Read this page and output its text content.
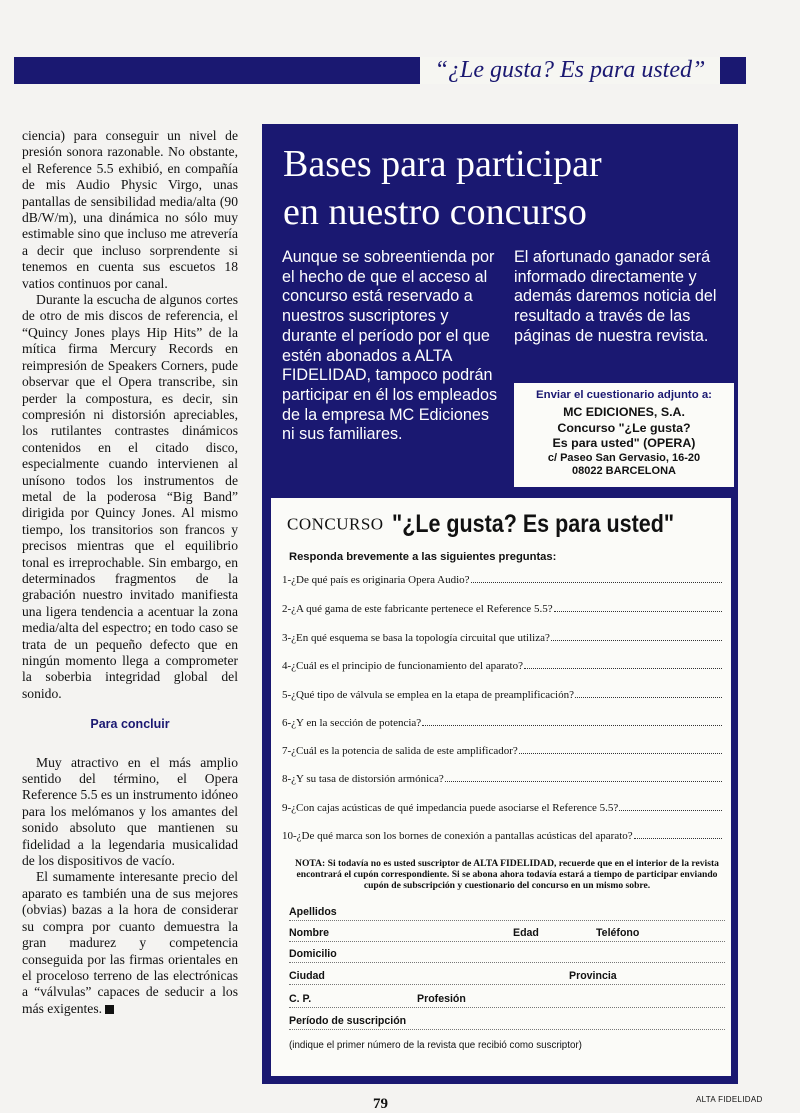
“¿Le gusta? Es para usted”

ciencia) para conseguir un nivel de presión sonora razonable. No obstante, el Reference 5.5 exhibió, en compañía de mis Audio Physic Virgo, unas pantallas de sensibilidad media/alta (90 dB/W/m), una dinámica no sólo muy estimable sino que incluso me atrevería a decir que incluso sorprendente si tenemos en cuenta sus escuetos 18 vatios continuos por canal.

Durante la escucha de algunos cortes de otro de mis discos de referencia, el “Quincy Jones plays Hip Hits” de la mítica firma Mercury Records en reimpresión de Speakers Corners, pude observar que el Opera transcribe, sin perder la compostura, es decir, sin compresión ni distorsión apreciables, los rutilantes contrastes dinámicos contenidos en el citado disco, especialmente cuando intervienen al unísono todos los instrumentos de metal de la poderosa “Big Band” dirigida por Quincy Jones. Al mismo tiempo, los transitorios son francos y precisos mientras que el equilibrio tonal es irreprochable. Sin embargo, en determinados fragmentos de la grabación nuestro invitado manifiesta una ligera tendencia a acentuar la zona media/alta del espectro; en todo caso se trata de un pequeño defecto que en ningún momento llega a comprometer la soberbia integridad global del sonido.

Para concluir

Muy atractivo en el más amplio sentido del término, el Opera Reference 5.5 es un instrumento idóneo para los melómanos y los amantes del sonido absoluto que mantienen su fidelidad a la legendaria musicalidad de los dispositivos de vacío.

El sumamente interesante precio del aparato es también una de sus mejores (obvias) bazas a la hora de considerar su compra por cuanto demuestra la gran madurez y competencia conseguida por las firmas orientales en el proceloso terreno de las electrónicas a “válvulas” capaces de seducir a los más exigentes.

Bases para participar
en nuestro concurso
Aunque se sobreentienda por el hecho de que el acceso al concurso está reservado a nuestros suscriptores y durante el período por el que estén abonados a ALTA FIDELIDAD, tampoco podrán participar en él los empleados de la empresa MC Ediciones ni sus familiares.
El afortunado ganador será informado directamente y además daremos noticia del resultado a través de las páginas de nuestra revista.
Enviar el cuestionario adjunto a:
MC EDICIONES, S.A.
Concurso "¿Le gusta?
Es para usted" (OPERA)
c/ Paseo San Gervasio, 16-20
08022 BARCELONA
CONCURSO "¿Le gusta? Es para usted"
Responda brevemente a las siguientes preguntas:
1- ¿De qué país es originaria Opera Audio?
2- ¿A qué gama de este fabricante pertenece el Reference 5.5?
3- ¿En qué esquema se basa la topología circuital que utiliza?
4- ¿Cuál es el principio de funcionamiento del aparato?
5- ¿Qué tipo de válvula se emplea en la etapa de preamplificación?
6- ¿Y en la sección de potencia?
7- ¿Cuál es la potencia de salida de este amplificador?
8- ¿Y su tasa de distorsión armónica?
9- ¿Con cajas acústicas de qué impedancia puede asociarse el Reference 5.5?
10- ¿De qué marca son los bornes de conexión a pantallas acústicas del aparato?
NOTA: Si todavía no es usted suscriptor de ALTA FIDELIDAD, recuerde que en el interior de la revista encontrará el cupón correspondiente. Si se abona ahora todavía estará a tiempo de participar enviando cupón de subscripción y cuestionario del concurso en un mismo sobre.
Apellidos
Nombre	Edad	Teléfono
Domicilio
Ciudad	Provincia
C. P.	Profesión
Período de suscripción
(indique el primer número de la revista que recibió como suscriptor)
79	ALTA FIDELIDAD
